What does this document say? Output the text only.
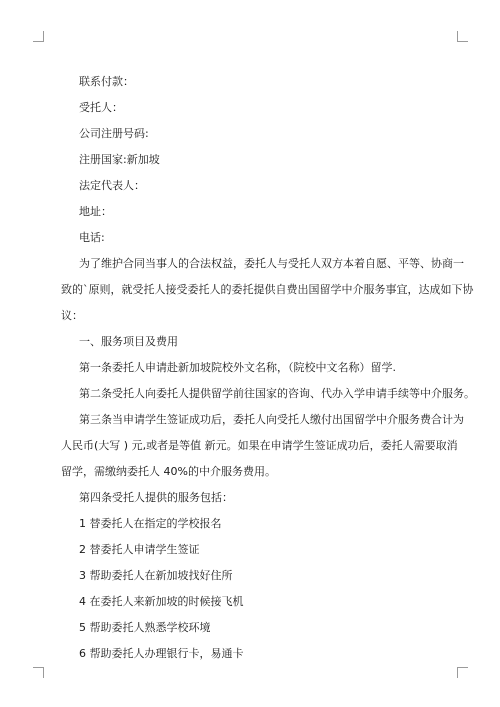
联系付款：

受托人：

公司注册号码:

注册国家:新加坡

法定代表人：

地址：

电话:

为了维护合同当事人的合法权益，委托人与受托人双方本着自愿、平等、协商一

致的`原则，就受托人接受委托人的委托提供自费出国留学中介服务事宜，达成如下协

议：

一、服务项目及费用

第一条委托人申请赴新加坡院校外文名称，（院校中文名称）留学.

第二条受托人向委托人提供留学前往国家的咨询、代办入学申请手续等中介服务。

第三条当申请学生签证成功后，委托人向受托人缴付出国留学中介服务费合计为

人民币(大写 ) 元,或者是等值 新元。如果在申请学生签证成功后，委托人需要取消

留学，需缴纳委托人 40%的中介服务费用。

第四条受托人提供的服务包括：

1 替委托人在指定的学校报名

2 替委托人申请学生签证

3 帮助委托人在新加坡找好住所

4 在委托人来新加坡的时候接飞机

5 帮助委托人熟悉学校环境

6 帮助委托人办理银行卡，易通卡
